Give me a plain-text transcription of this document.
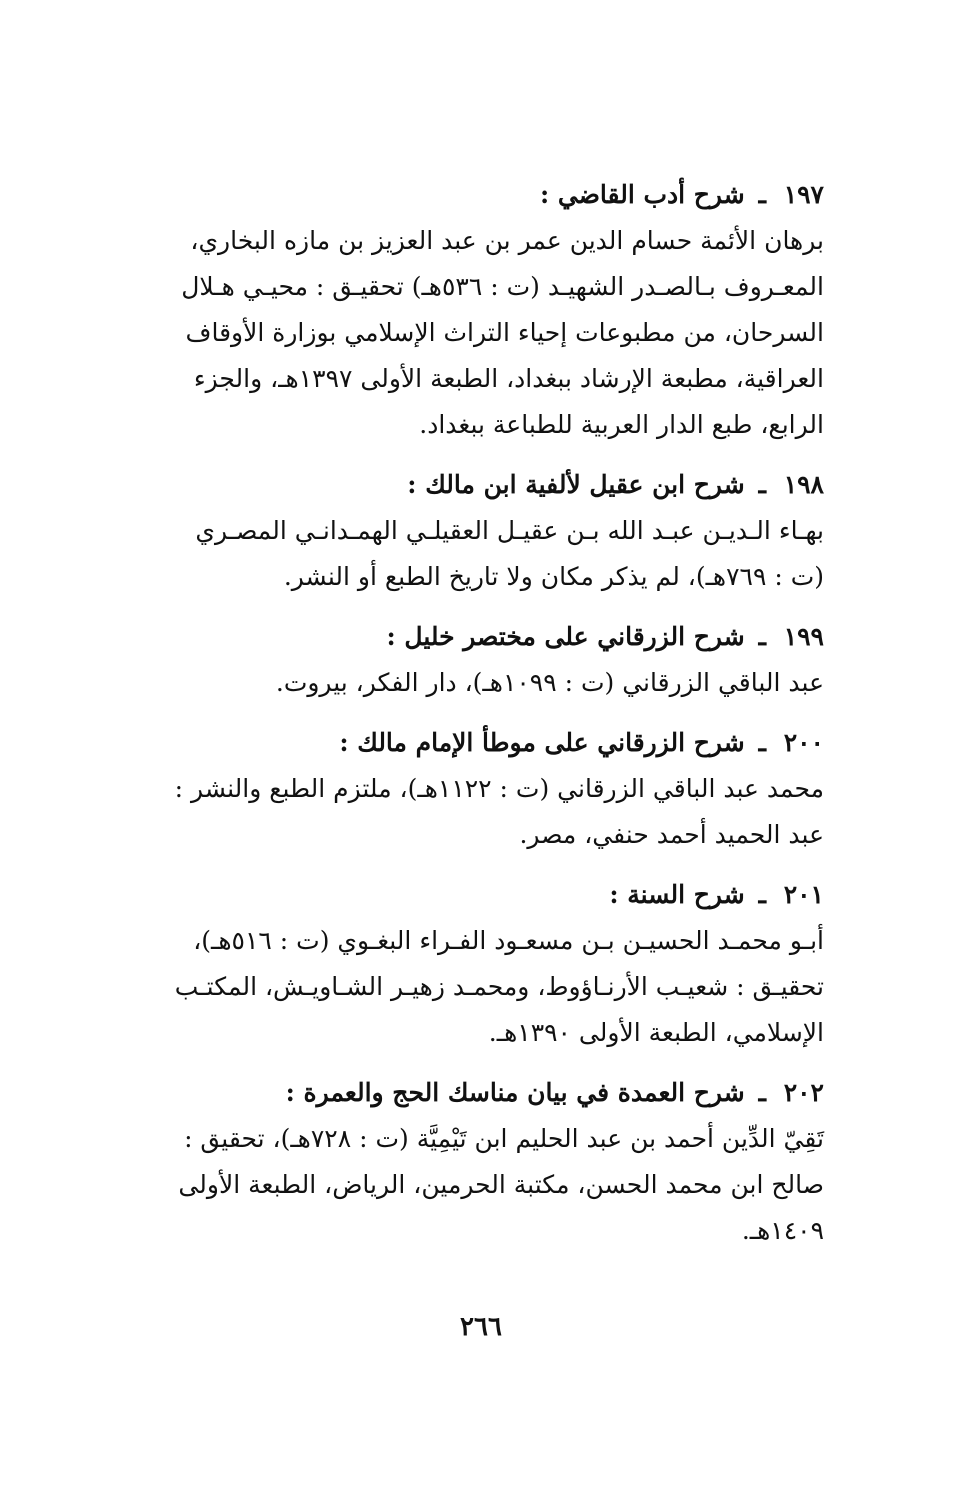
١٩٧
ـ
شرح أدب القاضي :
برهان الأئمة حسام الدين عمر بن عبد العزيز بن مازه البخاري،
المعـروف بـالصـدر الشهيـد (ت : ٥٣٦هـ) تحقيـق : محيـي هـلال
السرحان، من مطبوعات إحياء التراث الإسلامي بوزارة الأوقاف
العراقية، مطبعة الإرشاد ببغداد، الطبعة الأولى ١٣٩٧هـ، والجزء
الرابع، طبع الدار العربية للطباعة ببغداد.
١٩٨
ـ
شرح ابن عقيل لألفية ابن مالك :
بهـاء الـديـن عبـد الله بـن عقيـل العقيلـي الهمـدانـي المصـري
(ت : ٧٦٩هـ)، لم يذكر مكان ولا تاريخ الطبع أو النشر.
١٩٩
ـ
شرح الزرقاني على مختصر خليل :
عبد الباقي الزرقاني (ت : ١٠٩٩هـ)، دار الفكر، بيروت.
٢٠٠
ـ
شرح الزرقاني على موطأ الإمام مالك :
محمد عبد الباقي الزرقاني (ت : ١١٢٢هـ)، ملتزم الطبع والنشر :
عبد الحميد أحمد حنفي، مصر.
٢٠١
ـ
شرح السنة :
أبـو محمـد الحسيـن بـن مسعـود الفـراء البغـوي (ت : ٥١٦هـ)،
تحقيـق : شعيـب الأرنـاؤوط، ومحمـد زهيـر الشـاويـش، المكتـب
الإسلامي، الطبعة الأولى ١٣٩٠هـ.
٢٠٢
ـ
شرح العمدة في بيان مناسك الحج والعمرة :
تَقِيّ الدِّين أحمد بن عبد الحليم ابن تَيْمِيَّة (ت : ٧٢٨هـ)، تحقيق :
صالح ابن محمد الحسن، مكتبة الحرمين، الرياض، الطبعة الأولى
١٤٠٩هـ.
٢٦٦
